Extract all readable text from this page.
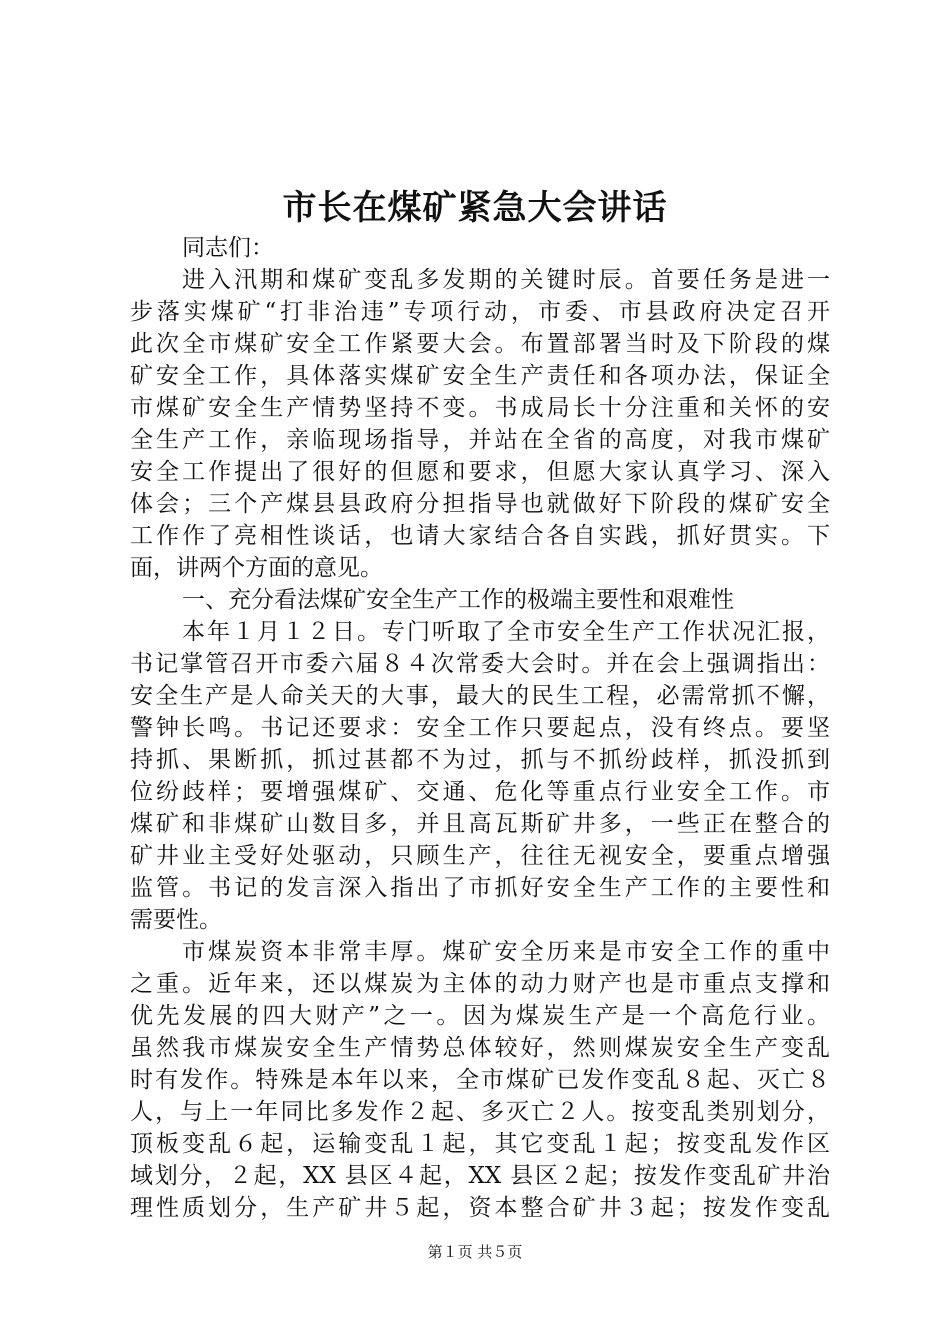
市长在煤矿紧急大会讲话
同志们：
进入汛期和煤矿变乱多发期的关键时辰。首要任务是进一
步落实煤矿“打非治违”专项行动，市委、市县政府决定召开
此次全市煤矿安全工作紧要大会。布置部署当时及下阶段的煤
矿安全工作，具体落实煤矿安全生产责任和各项办法，保证全
市煤矿安全生产情势坚持不变。书成局长十分注重和关怀的安
全生产工作，亲临现场指导，并站在全省的高度，对我市煤矿
安全工作提出了很好的但愿和要求，但愿大家认真学习、深入
体会；三个产煤县县政府分担指导也就做好下阶段的煤矿安全
工作作了亮相性谈话，也请大家结合各自实践，抓好贯实。下
面，讲两个方面的意见。
一、充分看法煤矿安全生产工作的极端主要性和艰难性
本年１月１２日。专门听取了全市安全生产工作状况汇报，
书记掌管召开市委六届８４次常委大会时。并在会上强调指出：
安全生产是人命关天的大事，最大的民生工程，必需常抓不懈，
警钟长鸣。书记还要求：安全工作只要起点，没有终点。要坚
持抓、果断抓，抓过甚都不为过，抓与不抓纷歧样，抓没抓到
位纷歧样；要增强煤矿、交通、危化等重点行业安全工作。市
煤矿和非煤矿山数目多，并且高瓦斯矿井多，一些正在整合的
矿井业主受好处驱动，只顾生产，往往无视安全，要重点增强
监管。书记的发言深入指出了市抓好安全生产工作的主要性和
需要性。
市煤炭资本非常丰厚。煤矿安全历来是市安全工作的重中
之重。近年来，还以煤炭为主体的动力财产也是市重点支撑和
优先发展的四大财产”之一。因为煤炭生产是一个高危行业。
虽然我市煤炭安全生产情势总体较好，然则煤炭安全生产变乱
时有发作。特殊是本年以来，全市煤矿已发作变乱８起、灭亡８
人，与上一年同比多发作２起、多灭亡２人。按变乱类别划分，
顶板变乱６起，运输变乱１起，其它变乱１起；按变乱发作区
域划分，２起，XX 县区４起，XX 县区２起；按发作变乱矿井治
理性质划分，生产矿井５起，资本整合矿井３起；按发作变乱
第１页 共５页
